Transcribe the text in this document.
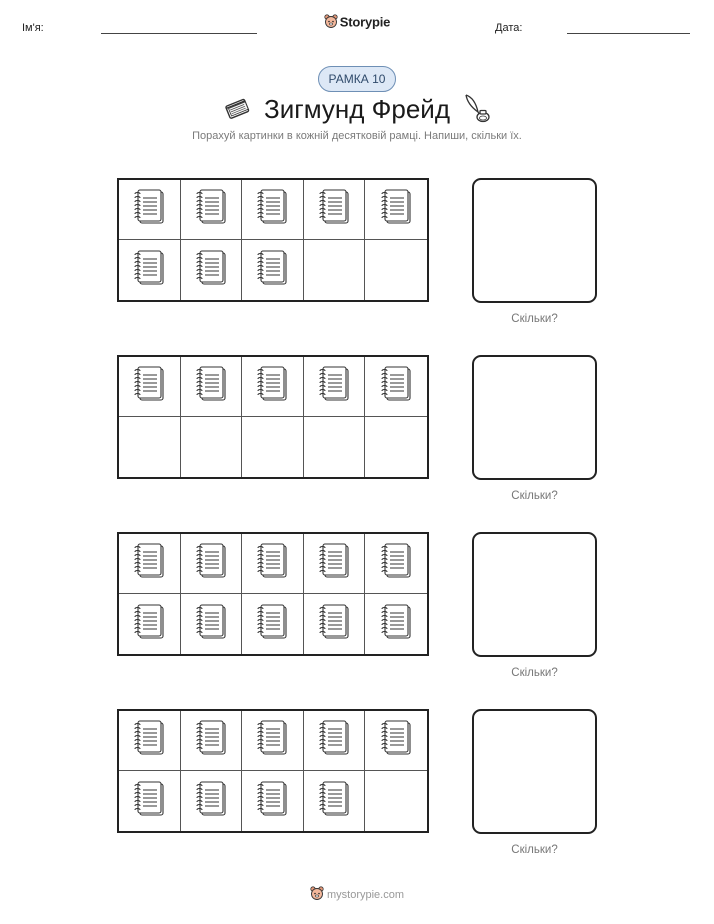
Ім'я:	Storypie	Дата:
РАМКА 10
Зигмунд Фрейд
Порахуй картинки в кожній десятковій рамці. Напиши, скільки їх.
Скільки?
Скільки?
Скільки?
Скільки?
mystorypie.com
